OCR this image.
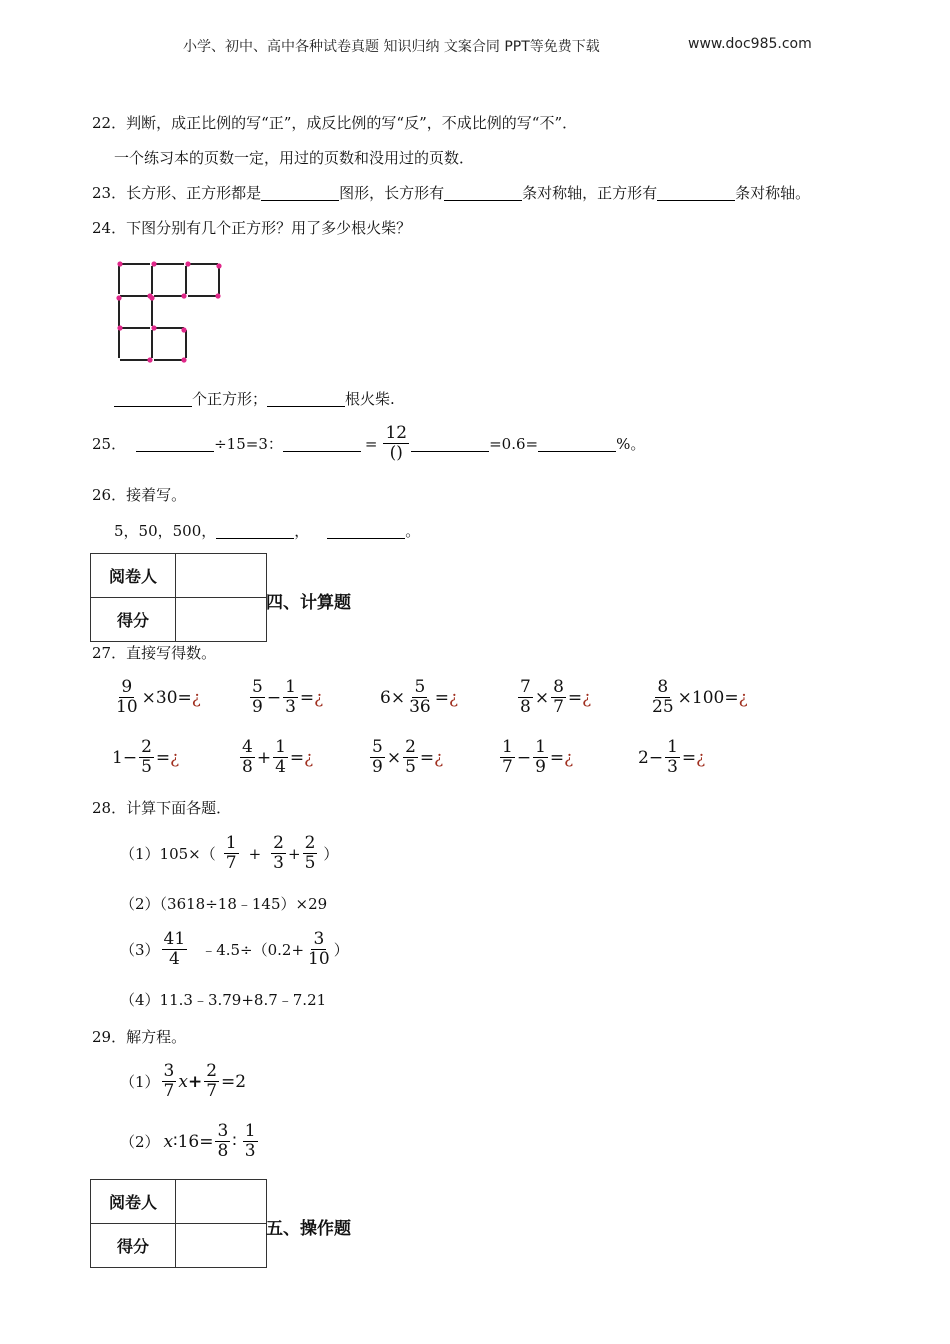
小学、初中、高中各种试卷真题 知识归纳 文案合同 PPT等免费下载	www.doc985.com
22．判断，成正比例的写“正”，成反比例的写“反”，不成比例的写“不”．
一个练习本的页数一定，用过的页数和没用过的页数．
23．长方形、正方形都是	图形，长方形有	条对称轴，正方形有	条对称轴。
24．下图分别有几个正方形？用了多少根火柴？
个正方形；	根火柴.
25．	÷15=3：	= $\frac{12}{()}$	=0.6=	%。
26．接着写。
5，50，500，	，	。
阅卷人	
得分	
四、计算题
27．直接写得数。
$\frac{9}{10} \times 30=$ ¿	$\frac{5}{9} - \frac{1}{3}$ = ¿	$6\times \frac{5}{36}$ = ¿	$\frac{7}{8} \times \frac{8}{7}$ = ¿	$\frac{8}{25} \times 100=$ ¿
$1- \frac{2}{5}$ = ¿	$\frac{4}{8} + \frac{1}{4}$ = ¿	$\frac{5}{9} \times \frac{2}{5}$ = ¿	$\frac{1}{7} - \frac{1}{9}$ = ¿	$2- \frac{1}{3}$ = ¿
28．计算下面各题．
$(1)105\times( \frac{1}{7} + \frac{2}{3} + \frac{2}{5}$ ）
（2）（3618÷18﹣145）×29
$(3) \frac{41}{4}$ ﹣4.5÷（0.2+ $\frac{3}{10}$ ）
（4）11.3﹣3.79+8.7﹣7.21
29．解方程。
$(1) \frac{3}{7}$ $x + \frac{2}{7} =2$
（2） x ∶16= $\frac{3}{8}$ ∶ $\frac{1}{3}$
阅卷人	
得分	
五、操作题
